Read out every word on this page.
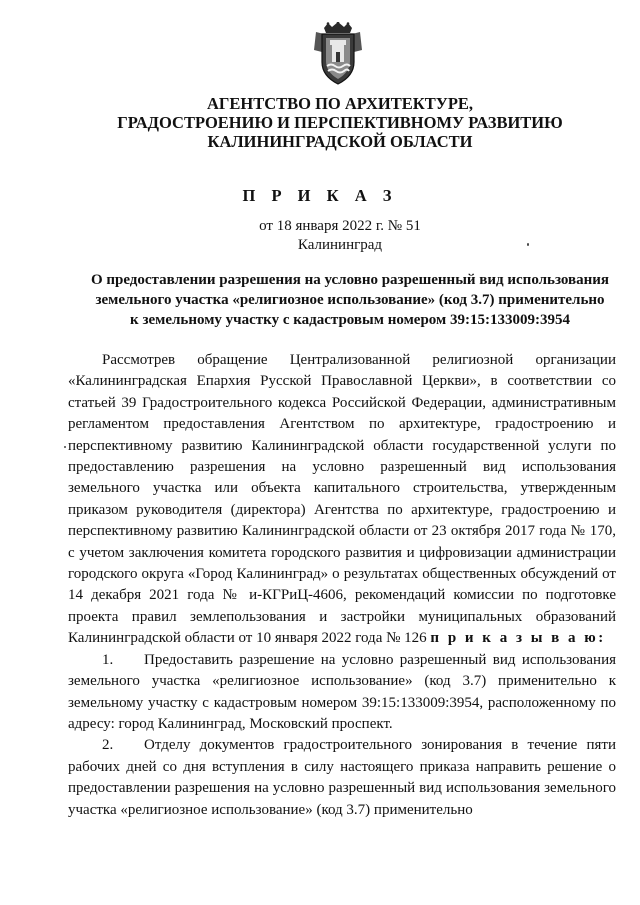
АГЕНТСТВО ПО АРХИТЕКТУРЕ,
ГРАДОСТРОЕНИЮ И ПЕРСПЕКТИВНОМУ РАЗВИТИЮ
КАЛИНИНГРАДСКОЙ ОБЛАСТИ
П Р И К А З
от 18 января 2022 г. № 51
Калининград
О предоставлении разрешения на условно разрешенный вид использования
земельного участка «религиозное использование» (код 3.7) применительно
к земельному участку с кадастровым номером 39:15:133009:3954

Рассмотрев обращение Централизованной религиозной организации «Калининградская Епархия Русской Православной Церкви», в соответствии со статьей 39 Градостроительного кодекса Российской Федерации, административным регламентом предоставления Агентством по архитектуре, градостроению и перспективному развитию Калининградской области государственной услуги по предоставлению разрешения на условно разрешенный вид использования земельного участка или объекта капитального строительства, утвержденным приказом руководителя (директора) Агентства по архитектуре, градостроению и перспективному развитию Калининградской области от 23 октября 2017 года № 170, с учетом заключения комитета городского развития и цифровизации администрации городского округа «Город Калининград» о результатах общественных обсуждений от 14 декабря 2021 года № и-КГРиЦ-4606, рекомендаций комиссии по подготовке проекта правил землепользования и застройки муниципальных образований Калининградской области от 10 января 2022 года № 126 п р и к а з ы в а ю:

1. Предоставить разрешение на условно разрешенный вид использования земельного участка «религиозное использование» (код 3.7) применительно к земельному участку с кадастровым номером 39:15:133009:3954, расположенному по адресу: город Калининград, Московский проспект.

2. Отделу документов градостроительного зонирования в течение пяти рабочих дней со дня вступления в силу настоящего приказа направить решение о предоставлении разрешения на условно разрешенный вид использования земельного участка «религиозное использование» (код 3.7) применительно
